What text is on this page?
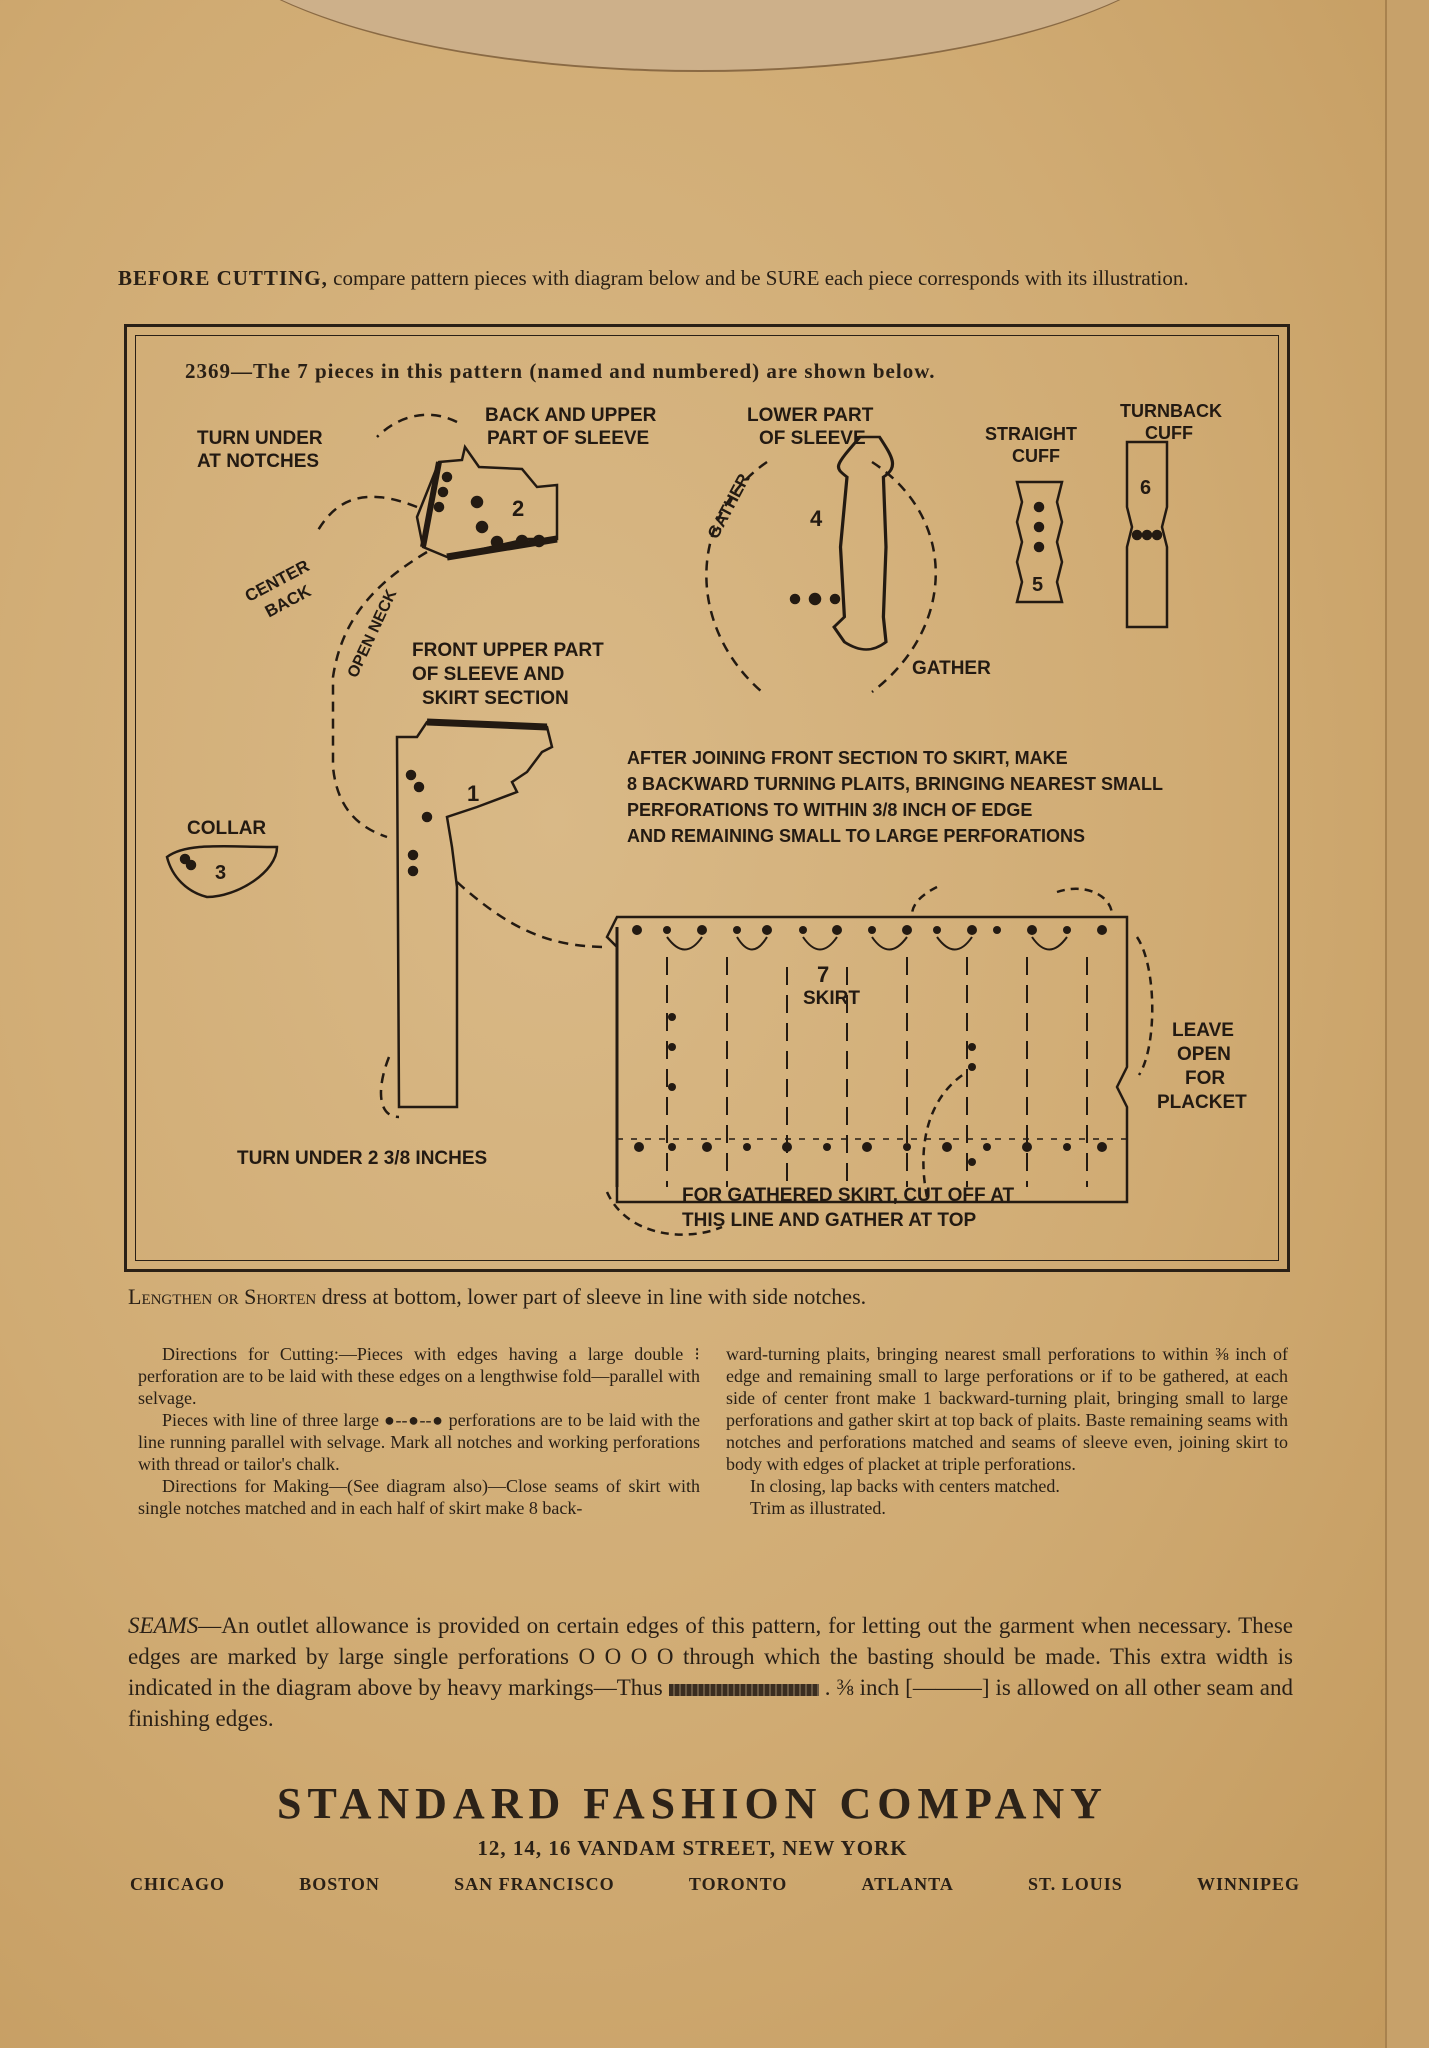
BEFORE CUTTING, compare pattern pieces with diagram below and be SURE each piece corresponds with its illustration.
2369—The 7 pieces in this pattern (named and numbered) are shown below.
TURN UNDER
AT NOTCHES
BACK AND UPPER
PART OF SLEEVE
LOWER PART
OF SLEEVE	STRAIGHT
CUFF
TURNBACK
CUFF
GATHER
GATHER
CENTER BACK	OPEN NECK FRONT UPPER PART
OF SLEEVE AND
SKIRT SECTION
COLLAR
AFTER JOINING FRONT SECTION TO SKIRT, MAKE
8 BACKWARD TURNING PLAITS, BRINGING NEAREST SMALL
PERFORATIONS TO WITHIN 3/8 INCH OF EDGE
AND REMAINING SMALL TO LARGE PERFORATIONS
SKIRT
LEAVE
OPEN
FOR
PLACKET
TURN UNDER 2 3/8 INCHES
FOR GATHERED SKIRT, CUT OFF AT
THIS LINE AND GATHER AT TOP
2	4
5
6
1
3
7
Lengthen or Shorten dress at bottom, lower part of sleeve in line with side notches.

Directions for Cutting:—Pieces with edges having a large double ⁝ perforation are to be laid with these edges on a lengthwise fold—parallel with selvage.

Pieces with line of three large ●--●--● perforations are to be laid with the line running parallel with selvage. Mark all notches and working perforations with thread or tailor's chalk.

Directions for Making—(See diagram also)—Close seams of skirt with single notches matched and in each half of skirt make 8 back-

ward-turning plaits, bringing nearest small perforations to within ⅜ inch of edge and remaining small to large perforations or if to be gathered, at each side of center front make 1 backward-turning plait, bringing small to large perforations and gather skirt at top back of plaits. Baste remaining seams with notches and perforations matched and seams of sleeve even, joining skirt to body with edges of placket at triple perforations.

In closing, lap backs with centers matched.

Trim as illustrated.

SEAMS—An outlet allowance is provided on certain edges of this pattern, for letting out the garment when necessary. These edges are marked by large single perforations O O O O through which the basting should be made. This extra width is indicated in the diagram above by heavy markings—Thus	. ⅜ inch [———] is allowed on all other seam and finishing edges.
STANDARD FASHION COMPANY
12, 14, 16 VANDAM STREET, NEW YORK
CHICAGO	BOSTON	SAN FRANCISCO	TORONTO	ATLANTA	ST. LOUIS	WINNIPEG
